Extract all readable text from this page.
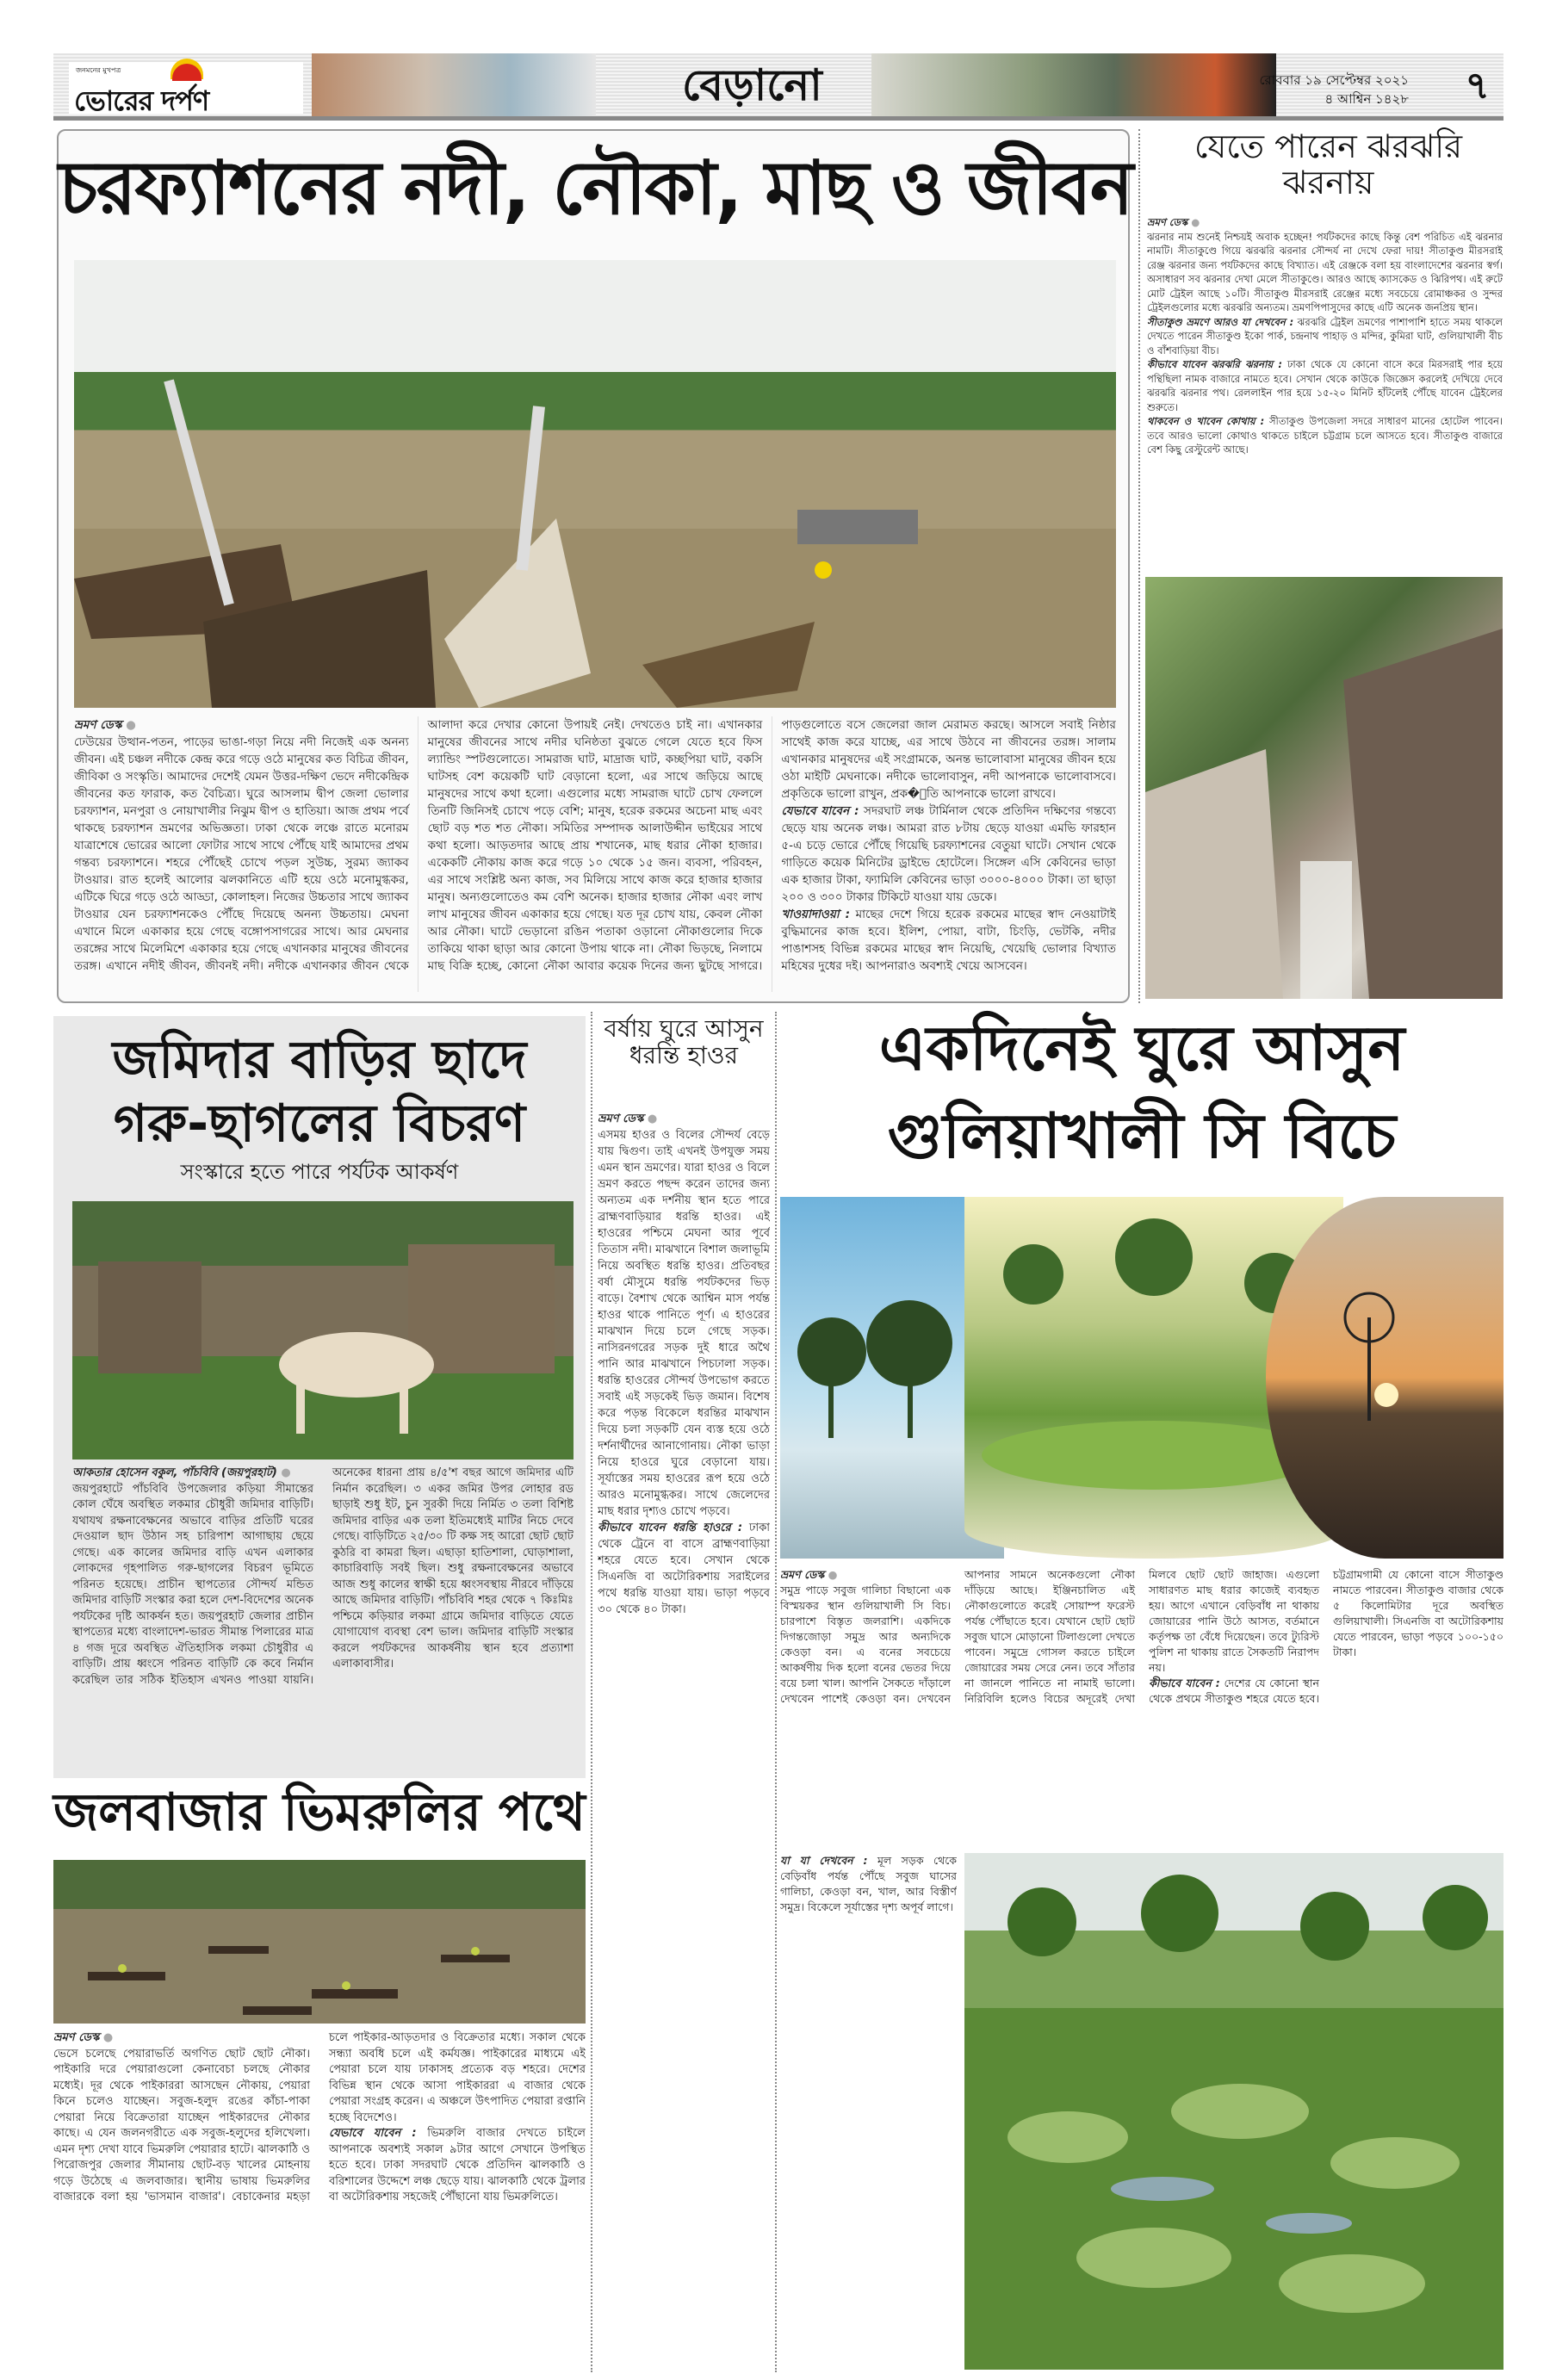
জনমনের মুখপত্র
ভোরের দর্পণ	বেড়ানো	রোববার ১৯ সেপ্টেম্বর ২০২১
৪ আশ্বিন ১৪২৮ ৭
চরফ্যাশনের নদী, নৌকা, মাছ ও জীবন

ভ্রমণ ডেস্ক ●
ঢেউয়ের উত্থান-পতন, পাড়ের ভাঙা-গড়া নিয়ে নদী নিজেই এক অনন্য জীবন। এই চঞ্চল নদীকে কেন্দ্র করে গড়ে ওঠে মানুষের কত বিচিত্র জীবন, জীবিকা ও সংস্কৃতি। আমাদের দেশেই যেমন উত্তর-দক্ষিণ ভেদে নদীকেন্দ্রিক জীবনের কত ফারাক, কত বৈচিত্র্য। ঘুরে আসলাম দ্বীপ জেলা ভোলার চরফ্যাশন, মনপুরা ও নোয়াখালীর নিঝুম দ্বীপ ও হাতিয়া। আজ প্রথম পর্বে থাকছে চরফ্যাশন ভ্রমণের অভিজ্ঞতা। ঢাকা থেকে লঞ্চে রাতে মনোরম যাত্রাশেষে ভোরের আলো ফোটার সাথে সাথে পৌঁছে যাই আমাদের প্রথম গন্তব্য চরফ্যাশনে। শহরে পৌঁছেই চোখে পড়ল সুউচ্চ, সুরম্য জ্যাকব টাওয়ার। রাত হলেই আলোর ঝলকানিতে এটি হয়ে ওঠে মনোমুগ্ধকর, এটিকে ঘিরে গড়ে ওঠে আড্ডা, কোলাহল। নিজের উচ্চতার সাথে জ্যাকব টাওয়ার যেন চরফ্যাশনকেও পৌঁছে দিয়েছে অনন্য উচ্চতায়। মেঘনা এখানে মিলে একাকার হয়ে গেছে বঙ্গোপসাগরের সাথে। আর মেঘনার তরঙ্গের সাথে মিলেমিশে একাকার হয়ে গেছে এখানকার মানুষের জীবনের তরঙ্গ। এখানে নদীই জীবন, জীবনই নদী। নদীকে এখানকার জীবন থেকে আলাদা করে দেখার কোনো উপায়ই নেই। দেখতেও চাই না। এখানকার মানুষের জীবনের সাথে নদীর ঘনিষ্ঠতা বুঝতে গেলে যেতে হবে ফিস ল্যান্ডিং স্পটগুলোতে। সামরাজ ঘাট, মাদ্রাজ ঘাট, কচ্ছপিয়া ঘাট, বকসি ঘাটসহ বেশ কয়েকটি ঘাট বেড়ানো হলো, এর সাথে জড়িয়ে আছে মানুষদের সাথে কথা হলো। এগুলোর মধ্যে সামরাজ ঘাটে চোখ ফেললে তিনটি জিনিসই চোখে পড়ে বেশি; মানুষ, হরেক রকমের অচেনা মাছ এবং ছোট বড় শত শত নৌকা। সমিতির সম্পাদক আলাউদ্দীন ভাইয়ের সাথে কথা হলো। আড়তদার আছে প্রায় শখানেক, মাছ ধরার নৌকা হাজার। একেকটি নৌকায় কাজ করে গড়ে ১০ থেকে ১৫ জন। ব্যবসা, পরিবহন, এর সাথে সংশ্লিষ্ট অন্য কাজ, সব মিলিয়ে সাথে কাজ করে হাজার হাজার মানুষ। অন্যগুলোতেও কম বেশি অনেক। হাজার হাজার নৌকা এবং লাখ লাখ মানুষের জীবন একাকার হয়ে গেছে। যত দূর চোখ যায়, কেবল নৌকা আর নৌকা। ঘাটে ভেড়ানো রঙিন পতাকা ওড়ানো নৌকাগুলোর দিকে তাকিয়ে থাকা ছাড়া আর কোনো উপায় থাকে না। নৌকা ভিড়ছে, নিলামে মাছ বিক্রি হচ্ছে, কোনো নৌকা আবার কয়েক দিনের জন্য ছুটছে সাগরে। পাড়গুলোতে বসে জেলেরা জাল মেরামত করছে। আসলে সবাই নিষ্ঠার সাথেই কাজ করে যাচ্ছে, এর সাথে উঠবে না জীবনের তরঙ্গ। সালাম এখানকার মানুষদের এই সংগ্রামকে, অনন্ত ভালোবাসা মানুষের জীবন হয়ে ওঠা মাইটি মেঘনাকে। নদীকে ভালোবাসুন, নদী আপনাকে ভালোবাসবে। প্রকৃতিকে ভালো রাখুন, প্রক�ৃতি আপনাকে ভালো রাখবে।

যেভাবে যাবেন : সদরঘাট লঞ্চ টার্মিনাল থেকে প্রতিদিন দক্ষিণের গন্তব্যে ছেড়ে যায় অনেক লঞ্চ। আমরা রাত ৮টায় ছেড়ে যাওয়া এমভি ফারহান ৫-এ চড়ে ভোরে পৌঁছে গিয়েছি চরফ্যাশনের বেতুয়া ঘাটে। সেখান থেকে গাড়িতে কয়েক মিনিটের ড্রাইভে হোটেলে। সিঙ্গেল এসি কেবিনের ভাড়া এক হাজার টাকা, ফ্যামিলি কেবিনের ভাড়া ৩০০০-৪০০০ টাকা। তা ছাড়া ২০০ ও ৩০০ টাকার টিকিটে যাওয়া যায় ডেকে।

খাওয়াদাওয়া : মাছের দেশে গিয়ে হরেক রকমের মাছের স্বাদ নেওয়াটাই বুদ্ধিমানের কাজ হবে। ইলিশ, পোয়া, বাটা, চিংড়ি, ভেটকি, নদীর পাঙাশসহ বিভিন্ন রকমের মাছের স্বাদ নিয়েছি, খেয়েছি ভোলার বিখ্যাত মহিষের দুধের দই। আপনারাও অবশ্যই খেয়ে আসবেন।

যেতে পারেন ঝরঝরি ঝরনায়
ভ্রমণ ডেস্ক ●
ঝরনার নাম শুনেই নিশ্চয়ই অবাক হচ্ছেন! পর্যটকদের কাছে কিন্তু বেশ পরিচিত এই ঝরনার নামটি। সীতাকুণ্ডে গিয়ে ঝরঝরি ঝরনার সৌন্দর্য না দেখে ফেরা দায়! সীতাকুণ্ড মীরসরাই রেঞ্জ ঝরনার জন্য পর্যটকদের কাছে বিখ্যাত। এই রেঞ্জকে বলা হয় বাংলাদেশের ঝরনার স্বর্গ। অসাধারণ সব ঝরনার দেখা মেলে সীতাকুণ্ডে। আরও আছে ক্যাসকেড ও ঝিরিপথ। এই রুটে মোট ট্রেইল আছে ১০টি। সীতাকুণ্ড মীরসরাই রেঞ্জের মধ্যে সবচেয়ে রোমাঞ্চকর ও সুন্দর ট্রেইলগুলোর মধ্যে ঝরঝরি অন্যতম। ভ্রমণপিপাসুদের কাছে এটি অনেক জনপ্রিয় স্থান।
সীতাকুণ্ড ভ্রমণে আরও যা দেখবেন : ঝরঝরি ট্রেইল ভ্রমণের পাশাপাশি হাতে সময় থাকলে দেখতে পারেন সীতাকুণ্ড ইকো পার্ক, চন্দ্রনাথ পাহাড় ও মন্দির, কুমিরা ঘাট, গুলিয়াখালী বীচ ও বাঁশবাড়িয়া বীচ।
কীভাবে যাবেন ঝরঝরি ঝরনায় : ঢাকা থেকে যে কোনো বাসে করে মিরসরাই পার হয়ে পন্থিছিলা নামক বাজারে নামতে হবে। সেখান থেকে কাউকে জিজ্ঞেস করলেই দেখিয়ে দেবে ঝরঝরি ঝরনার পথ। রেললাইন পার হয়ে ১৫-২০ মিনিট হাঁটলেই পৌঁছে যাবেন ট্রেইলের শুরুতে।
থাকবেন ও খাবেন কোথায় : সীতাকুণ্ড উপজেলা সদরে সাধারণ মানের হোটেল পাবেন। তবে আরও ভালো কোথাও থাকতে চাইলে চট্টগ্রাম চলে আসতে হবে। সীতাকুণ্ড বাজারে বেশ কিছু রেস্টুরেন্ট আছে।
জমিদার বাড়ির ছাদে
গরু-ছাগলের বিচরণ
সংস্কারে হতে পারে পর্যটক আকর্ষণ
আকতার হোসেন বকুল, পাঁচবিবি (জয়পুরহাট) ●
জয়পুরহাটে পাঁচবিবি উপজেলার কড়িয়া সীমান্তের কোল ঘেঁষে অবস্থিত লকমার চৌধুরী জমিদার বাড়িটি। যথাযথ রক্ষনাবেক্ষনের অভাবে বাড়ির প্রতিটি ঘরের দেওয়াল ছাদ উঠান সহ চারিপাশ আগাছায় ছেয়ে গেছে। এক কালের জমিদার বাড়ি এখন এলাকার লোকদের গৃহপালিত গরু-ছাগলের বিচরণ ভূমিতে পরিনত হয়েছে। প্রাচীন স্থাপত্যের সৌন্দর্য মন্ডিত জমিদার বাড়িটি সংস্কার করা হলে দেশ-বিদেশের অনেক পর্যটকের দৃষ্টি আকর্ষন হত। জয়পুরহাট জেলার প্রাচীন স্থাপত্যের মধ্যে বাংলাদেশ-ভারত সীমান্ত পিলারের মাত্র ৪ গজ দূরে অবস্থিত ঐতিহাসিক লকমা চৌধুরীর এ বাড়িটি। প্রায় ধ্বংসে পরিনত বাড়িটি কে কবে নির্মান করেছিল তার সঠিক ইতিহাস এখনও পাওয়া যায়নি। অনেকের ধারনা প্রায় ৪/৫'শ বছর আগে জমিদার এটি নির্মান করেছিল। ৩ একর জমির উপর লোহার রড ছাড়াই শুধু ইট, চুন সুরকী দিয়ে নির্মিত ৩ তলা বিশিষ্ট জমিদার বাড়ির এক তলা ইতিমধ্যেই মাটির নিচে দেবে গেছে। বাড়িটিতে ২৫/৩০ টি কক্ষ সহ আরো ছোট ছোট কুঠরি বা কামরা ছিল। এছাড়া হাতিশালা, ঘোড়াশালা, কাচারিবাড়ি সবই ছিল। শুধু রক্ষনাবেক্ষনের অভাবে আজ শুধু কালের স্বাক্ষী হয়ে ধ্বংসবস্থায় নীরবে দাঁড়িয়ে আছে জমিদার বাড়িটি। পাঁচবিবি শহর থেকে ৭ কিঃমিঃ পশ্চিমে কড়িয়ার লকমা গ্রামে জমিদার বাড়িতে যেতে যোগাযোগ ব্যবস্থা বেশ ভাল। জমিদার বাড়িটি সংস্কার করলে পর্যটকদের আকর্ষনীয় স্থান হবে প্রত্যাশা এলাকাবাসীর।
জলবাজার ভিমরুলির পথে
ভ্রমণ ডেস্ক ●
ভেসে চলেছে পেয়ারাভর্তি অগণিত ছোট ছোট নৌকা। পাইকারি দরে পেয়ারাগুলো কেনাবেচা চলছে নৌকার মধ্যেই। দূর থেকে পাইকাররা আসছেন নৌকায়, পেয়ারা কিনে চলেও যাচ্ছেন। সবুজ-হলুদ রঙের কাঁচা-পাকা পেয়ারা নিয়ে বিক্রেতারা যাচ্ছেন পাইকারদের নৌকার কাছে। এ যেন জলনগরীতে এক সবুজ-হলুদের হলিখেলা। এমন দৃশ্য দেখা যাবে ভিমরুলি পেয়ারার হাটে। ঝালকাঠি ও পিরোজপুর জেলার সীমানায় ছোট-বড় খালের মোহনায় গড়ে উঠেছে এ জলবাজার। স্থানীয় ভাষায় ভিমরুলির বাজারকে বলা হয় 'ভাসমান বাজার'। বেচাকেনার মহড়া চলে পাইকার-আড়তদার ও বিক্রেতার মধ্যে। সকাল থেকে সন্ধ্যা অবধি চলে এই কর্মযজ্ঞ। পাইকারের মাধ্যমে এই পেয়ারা চলে যায় ঢাকাসহ প্রত্যেক বড় শহরে। দেশের বিভিন্ন স্থান থেকে আসা পাইকাররা এ বাজার থেকে পেয়ারা সংগ্রহ করেন। এ অঞ্চলে উৎপাদিত পেয়ারা রপ্তানি হচ্ছে বিদেশেও।
যেভাবে যাবেন : ভিমরুলি বাজার দেখতে চাইলে আপনাকে অবশ্যই সকাল ৯টার আগে সেখানে উপস্থিত হতে হবে। ঢাকা সদরঘাট থেকে প্রতিদিন ঝালকাঠি ও বরিশালের উদ্দেশে লঞ্চ ছেড়ে যায়। ঝালকাঠি থেকে ট্রলার বা অটোরিকশায় সহজেই পৌঁছানো যায় ভিমরুলিতে।
বর্ষায় ঘুরে আসুন ধরন্তি হাওর
ভ্রমণ ডেস্ক ●
এসময় হাওর ও বিলের সৌন্দর্য বেড়ে যায় দ্বিগুণ। তাই এখনই উপযুক্ত সময় এমন স্থান ভ্রমণের। যারা হাওর ও বিলে ভ্রমণ করতে পছন্দ করেন তাদের জন্য অন্যতম এক দর্শনীয় স্থান হতে পারে ব্রাহ্মণবাড়িয়ার ধরন্তি হাওর। এই হাওরের পশ্চিমে মেঘনা আর পূর্বে তিতাস নদী। মাঝখানে বিশাল জলাভূমি নিয়ে অবস্থিত ধরন্তি হাওর। প্রতিবছর বর্ষা মৌসুমে ধরন্তি পর্যটকদের ভিড় বাড়ে। বৈশাখ থেকে আশ্বিন মাস পর্যন্ত হাওর থাকে পানিতে পূর্ণ। এ হাওরের মাঝখান দিয়ে চলে গেছে সড়ক। নাসিরনগরের সড়ক দুই ধারে অথৈ পানি আর মাঝখানে পিচঢালা সড়ক। ধরন্তি হাওরের সৌন্দর্য উপভোগ করতে সবাই এই সড়কেই ভিড় জমান। বিশেষ করে পড়ন্ত বিকেলে ধরন্তির মাঝখান দিয়ে চলা সড়কটি যেন ব্যস্ত হয়ে ওঠে দর্শনার্থীদের আনাগোনায়। নৌকা ভাড়া নিয়ে হাওরে ঘুরে বেড়ানো যায়। সূর্যাস্তের সময় হাওরের রূপ হয়ে ওঠে আরও মনোমুগ্ধকর। সাথে জেলেদের মাছ ধরার দৃশ্যও চোখে পড়বে।
কীভাবে যাবেন ধরন্তি হাওরে : ঢাকা থেকে ট্রেনে বা বাসে ব্রাহ্মণবাড়িয়া শহরে যেতে হবে। সেখান থেকে সিএনজি বা অটোরিকশায় সরাইলের পথে ধরন্তি যাওয়া যায়। ভাড়া পড়বে ৩০ থেকে ৪০ টাকা।
একদিনেই ঘুরে আসুন
গুলিয়াখালী সি বিচে
ভ্রমণ ডেস্ক ●
সমুদ্র পাড়ে সবুজ গালিচা বিছানো এক বিস্ময়কর স্থান গুলিয়াখালী সি বিচ। চারপাশে বিস্তৃত জলরাশি। একদিকে দিগন্তজোড়া সমুদ্র আর অন্যদিকে কেওড়া বন। এ বনের সবচেয়ে আকর্ষণীয় দিক হলো বনের ভেতর দিয়ে বয়ে চলা খাল। আপনি সৈকতে দাঁড়ালে দেখবেন পাশেই কেওড়া বন। দেখবেন আপনার সামনে অনেকগুলো নৌকা দাঁড়িয়ে আছে। ইঞ্জিনচালিত এই নৌকাগুলোতে করেই সোয়াম্প ফরেস্ট পর্যন্ত পৌঁছাতে হবে। যেখানে ছোট ছোট সবুজ ঘাসে মোড়ানো টিলাগুলো দেখতে পাবেন। সমুদ্রে গোসল করতে চাইলে জোয়ারের সময় সেরে নেন। তবে সাঁতার না জানলে পানিতে না নামাই ভালো। নিরিবিলি হলেও বিচের অদূরেই দেখা মিলবে ছোট ছোট জাহাজ। এগুলো সাধারণত মাছ ধরার কাজেই ব্যবহৃত হয়। আগে এখানে বেড়িবাঁধ না থাকায় জোয়ারের পানি উঠে আসত, বর্তমানে কর্তৃপক্ষ তা বেঁধে দিয়েছেন। তবে ট্যুরিস্ট পুলিশ না থাকায় রাতে সৈকতটি নিরাপদ নয়।
কীভাবে যাবেন : দেশের যে কোনো স্থান থেকে প্রথমে সীতাকুণ্ড শহরে যেতে হবে। চট্টগ্রামগামী যে কোনো বাসে সীতাকুণ্ড নামতে পারবেন। সীতাকুণ্ড বাজার থেকে ৫ কিলোমিটার দূরে অবস্থিত গুলিয়াখালী। সিএনজি বা অটোরিকশায় যেতে পারবেন, ভাড়া পড়বে ১০০-১৫০ টাকা।
যা যা দেখবেন : মূল সড়ক থেকে বেড়িবাঁধ পর্যন্ত পৌঁছে সবুজ ঘাসের গালিচা, কেওড়া বন, খাল, আর বিস্তীর্ণ সমুদ্র। বিকেলে সূর্যাস্তের দৃশ্য অপূর্ব লাগে।
